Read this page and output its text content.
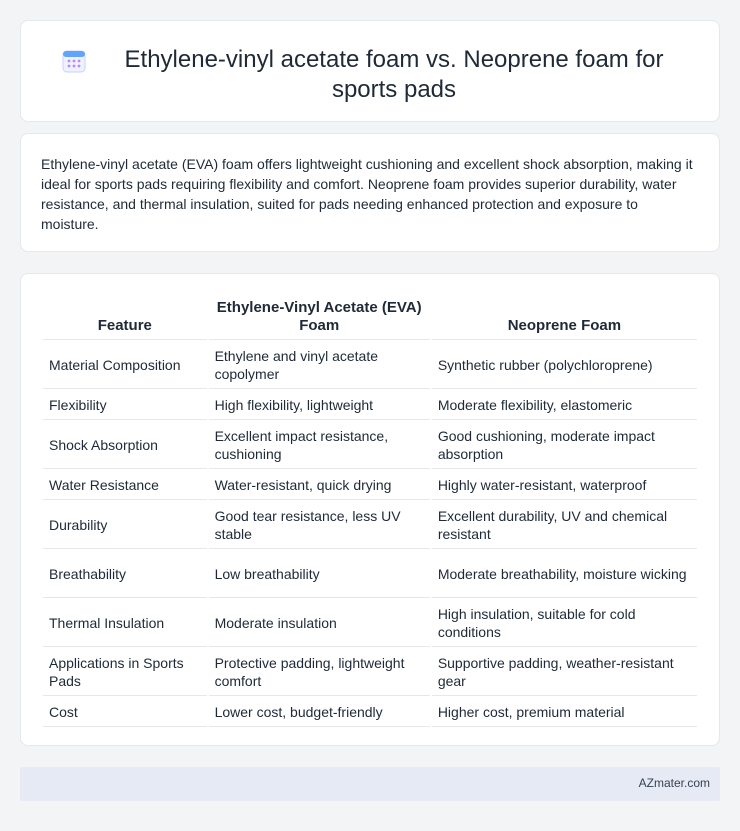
Ethylene-vinyl acetate foam vs. Neoprene foam for sports pads

Ethylene-vinyl acetate (EVA) foam offers lightweight cushioning and excellent shock absorption, making it ideal for sports pads requiring flexibility and comfort. Neoprene foam provides superior durability, water resistance, and thermal insulation, suited for pads needing enhanced protection and exposure to moisture.

Feature	Ethylene-Vinyl Acetate (EVA) Foam	Neoprene Foam
Material Composition	Ethylene and vinyl acetate copolymer	Synthetic rubber (polychloroprene)
Flexibility	High flexibility, lightweight	Moderate flexibility, elastomeric
Shock Absorption	Excellent impact resistance, cushioning	Good cushioning, moderate impact absorption
Water Resistance	Water-resistant, quick drying	Highly water-resistant, waterproof
Durability	Good tear resistance, less UV stable	Excellent durability, UV and chemical resistant
Breathability	Low breathability	Moderate breathability, moisture wicking
Thermal Insulation	Moderate insulation	High insulation, suitable for cold conditions
Applications in Sports Pads	Protective padding, lightweight comfort	Supportive padding, weather-resistant gear
Cost	Lower cost, budget-friendly	Higher cost, premium material
AZmater.com
